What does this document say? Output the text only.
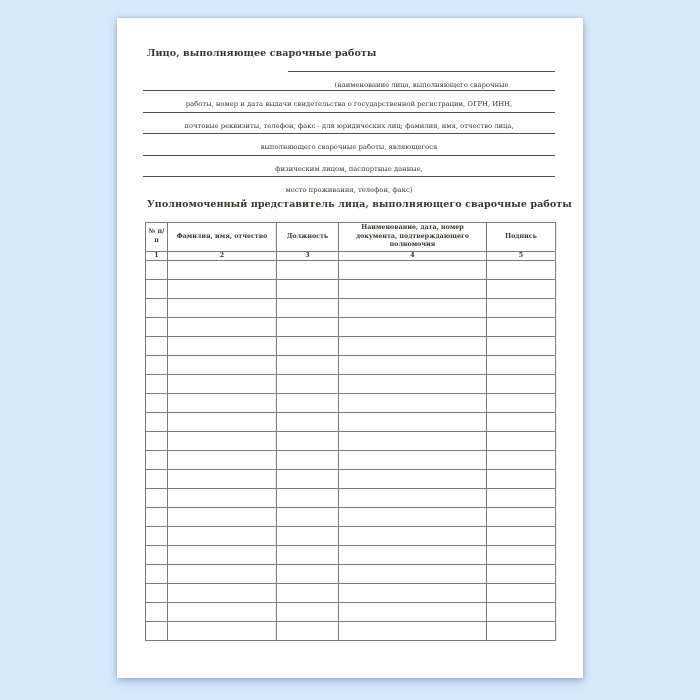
Лицо, выполняющее сварочные работы
(наименование лица, выполняющего сварочные
работы, номер и дата выдачи свидетельства о государственной регистрации, ОГРН, ИНН,
почтовые реквизиты, телефон, факс - для юридических лиц; фамилия, имя, отчество лица,
выполняющего сварочные работы, являющегося
физическим лицом, паспортные данные,
место проживания, телефон, факс)
Уполномоченный представитель лица, выполняющего сварочные работы
№ п/п	Фамилия, имя, отчество	Должность	Наименование, дата, номер документа, подтверждающего полномочия	Подпись
1	2	3	4	5
